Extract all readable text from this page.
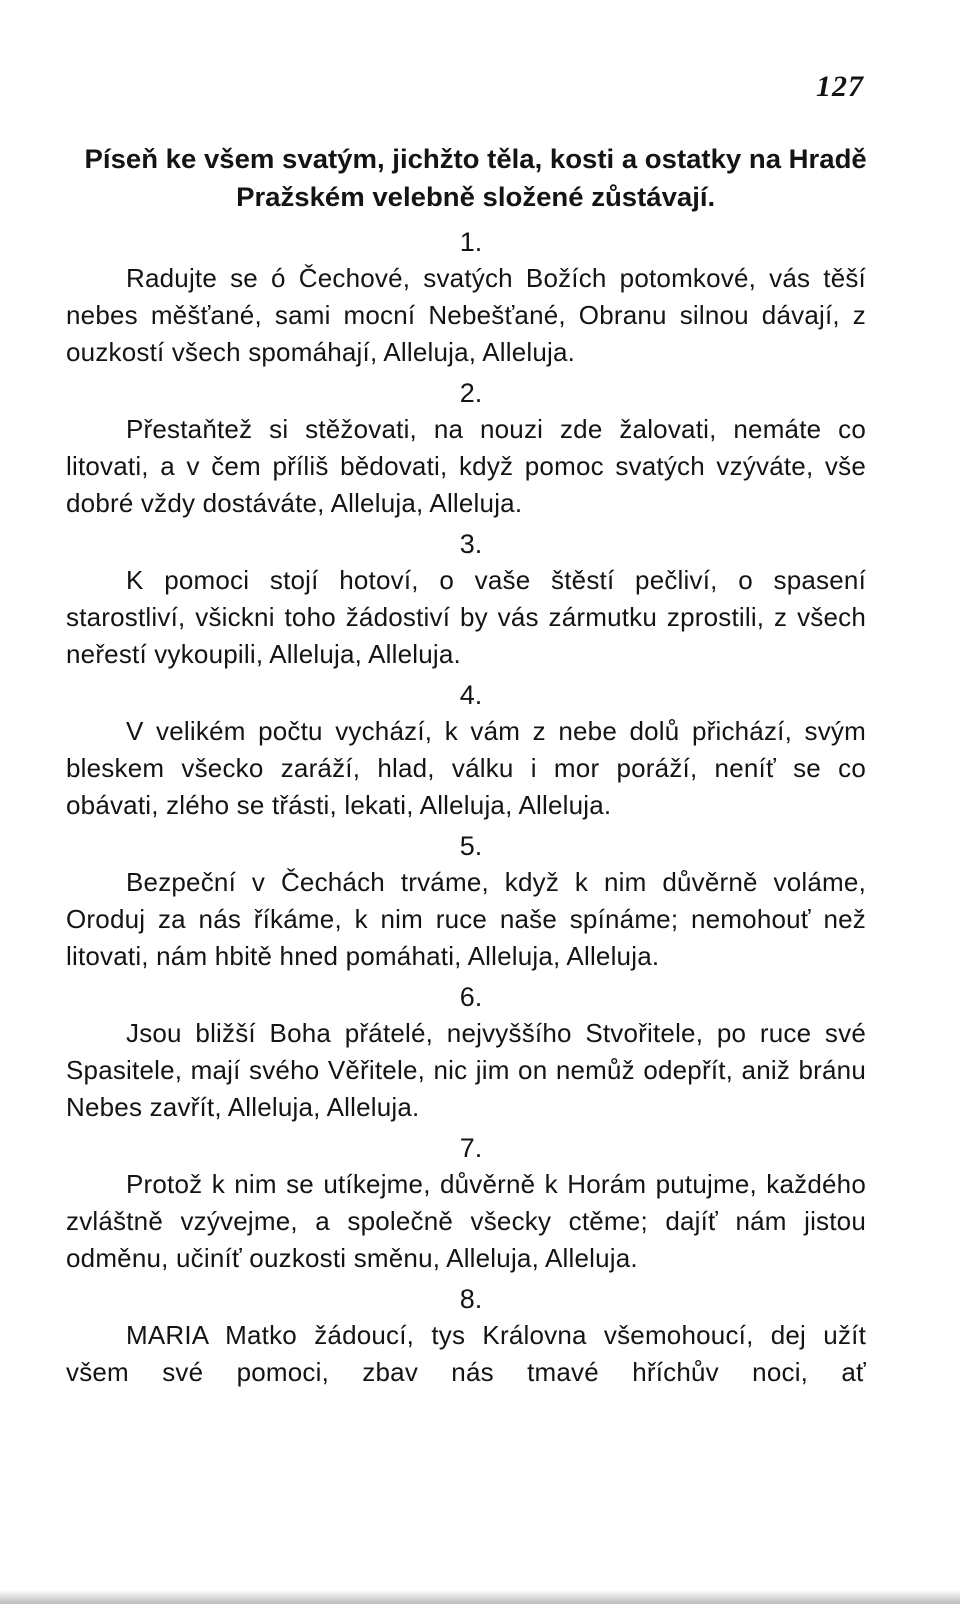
127
Píseň ke všem svatým, jichžto těla, kosti a ostatky na Hradě Pražském velebně složené zůstávají.
1.

Radujte se ó Čechové, svatých Božích potomkové, vás těší nebes měšťané, sami mocní Nebešťané, Obranu silnou dávají, z ouzkostí všech spomáhají, Alleluja, Alleluja.

2.

Přestaňtež si stěžovati, na nouzi zde žalovati, nemáte co litovati, a v čem příliš bědovati, když pomoc svatých vzýváte, vše dobré vždy dostáváte, Alleluja, Alleluja.

3.

K pomoci stojí hotoví, o vaše štěstí pečliví, o spasení starostliví, všickni toho žádostiví by vás zármutku zprostili, z všech neřestí vykoupili, Alleluja, Alleluja.

4.

V velikém počtu vychází, k vám z nebe dolů přichází, svým bleskem všecko zaráží, hlad, válku i mor poráží, neníť se co obávati, zlého se třásti, lekati, Alleluja, Alleluja.

5.

Bezpeční v Čechách trváme, když k nim důvěrně voláme, Oroduj za nás říkáme, k nim ruce naše spínáme; nemohouť než litovati, nám hbitě hned pomáhati, Alleluja, Alleluja.

6.

Jsou bližší Boha přátelé, nejvyššího Stvořitele, po ruce své Spasitele, mají svého Věřitele, nic jim on nemůž odepřít, aniž bránu Nebes zavřít, Alleluja, Alleluja.

7.

Protož k nim se utíkejme, důvěrně k Horám putujme, každého zvláštně vzývejme, a společně všecky ctěme; dajíť nám jistou odměnu, učiníť ouzkosti směnu, Alleluja, Alleluja.

8.

MARIA Matko žádoucí, tys Královna všemohoucí, dej užít všem své pomoci, zbav nás tmavé hříchův noci, ať
